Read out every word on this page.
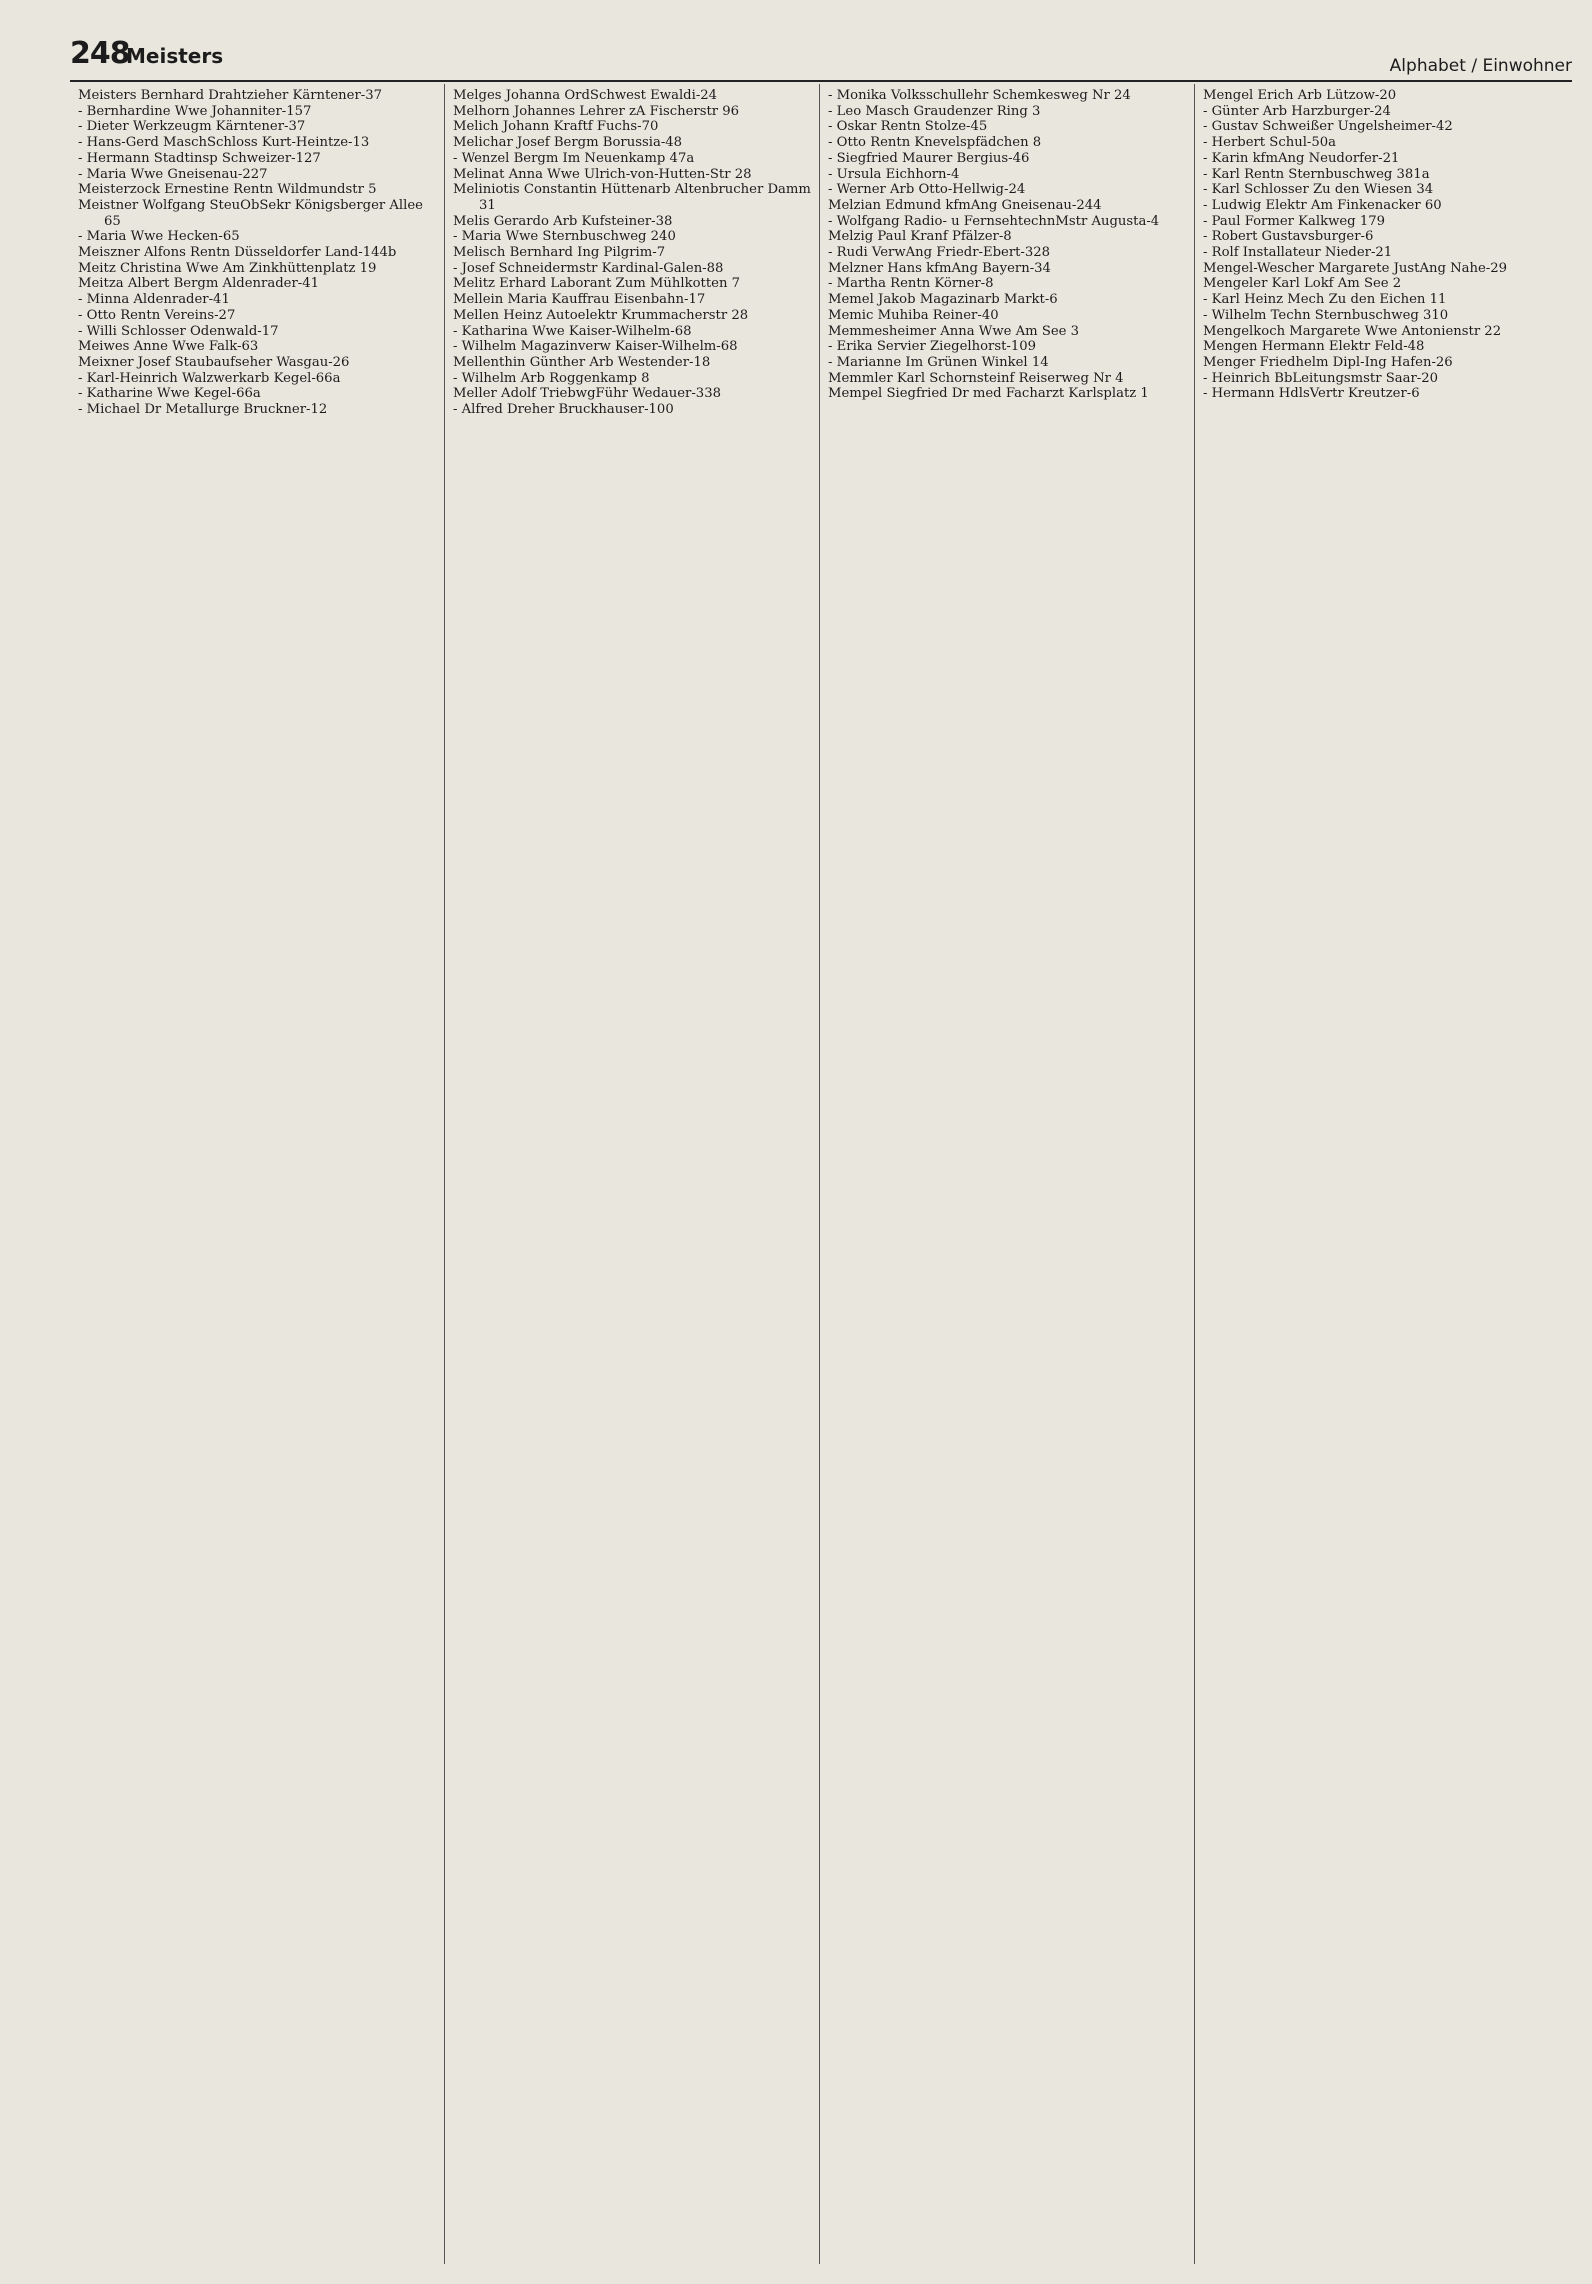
248
Meisters	Alphabet / Einwohner
Meisters Bernhard Drahtzieher Kärntener-37
- Bernhardine Wwe Johanniter-157
- Dieter Werkzeugm Kärntener-37
- Hans-Gerd MaschSchloss Kurt-Heintze-13
- Hermann Stadtinsp Schweizer-127
- Maria Wwe Gneisenau-227
Meisterzock Ernestine Rentn Wildmundstr 5
Meistner Wolfgang SteuObSekr Königsberger Allee 65
- Maria Wwe Hecken-65
Meiszner Alfons Rentn Düsseldorfer Land-144b
Meitz Christina Wwe Am Zinkhüttenplatz 19
Meitza Albert Bergm Aldenrader-41
- Minna Aldenrader-41
- Otto Rentn Vereins-27
- Willi Schlosser Odenwald-17
Meiwes Anne Wwe Falk-63
Meixner Josef Staubaufseher Wasgau-26
- Karl-Heinrich Walzwerkarb Kegel-66a
- Katharine Wwe Kegel-66a
- Michael Dr Metallurge Bruckner-12
Melges Johanna OrdSchwest Ewaldi-24
Melhorn Johannes Lehrer zA Fischerstr 96
Melich Johann Kraftf Fuchs-70
Melichar Josef Bergm Borussia-48
- Wenzel Bergm Im Neuenkamp 47a
Melinat Anna Wwe Ulrich-von-Hutten-Str 28
Meliniotis Constantin Hüttenarb Altenbrucher Damm 31
Melis Gerardo Arb Kufsteiner-38
- Maria Wwe Sternbuschweg 240
Melisch Bernhard Ing Pilgrim-7
- Josef Schneidermstr Kardinal-Galen-88
Melitz Erhard Laborant Zum Mühlkotten 7
Mellein Maria Kauffrau Eisenbahn-17
Mellen Heinz Autoelektr Krummacherstr 28
- Katharina Wwe Kaiser-Wilhelm-68
- Wilhelm Magazinverw Kaiser-Wilhelm-68
Mellenthin Günther Arb Westender-18
- Wilhelm Arb Roggenkamp 8
Meller Adolf TriebwgFühr Wedauer-338
- Alfred Dreher Bruckhauser-100
- Monika Volksschullehr Schemkesweg Nr 24
- Leo Masch Graudenzer Ring 3
- Oskar Rentn Stolze-45
- Otto Rentn Knevelspfädchen 8
- Siegfried Maurer Bergius-46
- Ursula Eichhorn-4
- Werner Arb Otto-Hellwig-24
Melzian Edmund kfmAng Gneisenau-244
- Wolfgang Radio- u FernsehtechnMstr Augusta-4
Melzig Paul Kranf Pfälzer-8
- Rudi VerwAng Friedr-Ebert-328
Melzner Hans kfmAng Bayern-34
- Martha Rentn Körner-8
Memel Jakob Magazinarb Markt-6
Memic Muhiba Reiner-40
Memmesheimer Anna Wwe Am See 3
- Erika Servier Ziegelhorst-109
- Marianne Im Grünen Winkel 14
Memmler Karl Schornsteinf Reiserweg Nr 4
Mempel Siegfried Dr med Facharzt Karlsplatz 1
Mengel Erich Arb Lützow-20
- Günter Arb Harzburger-24
- Gustav Schweißer Ungelsheimer-42
- Herbert Schul-50a
- Karin kfmAng Neudorfer-21
- Karl Rentn Sternbuschweg 381a
- Karl Schlosser Zu den Wiesen 34
- Ludwig Elektr Am Finkenacker 60
- Paul Former Kalkweg 179
- Robert Gustavsburger-6
- Rolf Installateur Nieder-21
Mengel-Wescher Margarete JustAng Nahe-29
Mengeler Karl Lokf Am See 2
- Karl Heinz Mech Zu den Eichen 11
- Wilhelm Techn Sternbuschweg 310
Mengelkoch Margarete Wwe Antonienstr 22
Mengen Hermann Elektr Feld-48
Menger Friedhelm Dipl-Ing Hafen-26
- Heinrich BbLeitungsmstr Saar-20
- Hermann HdlsVertr Kreutzer-6
